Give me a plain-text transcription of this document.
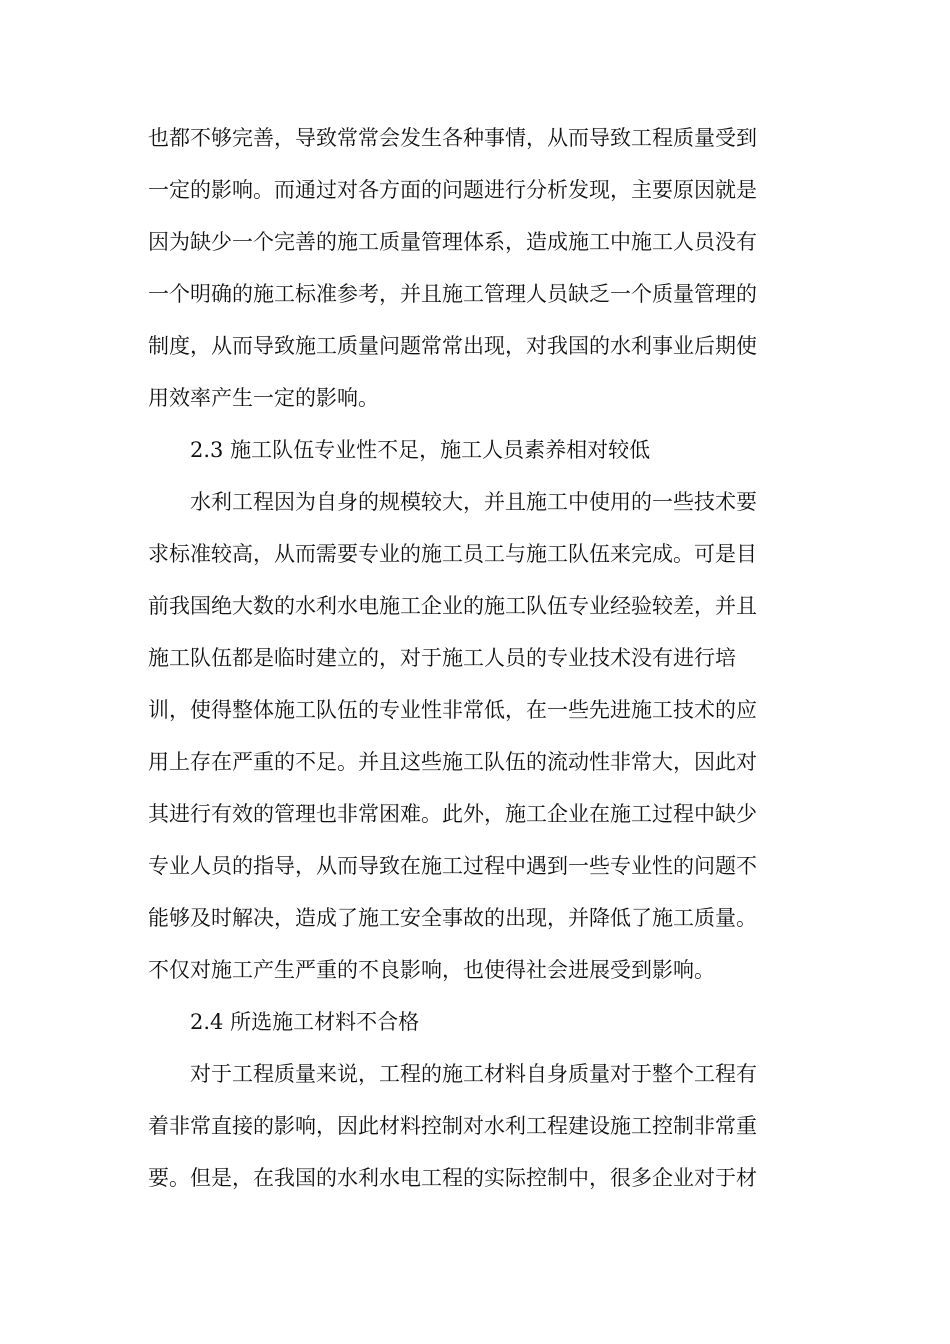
也都不够完善，导致常常会发生各种事情，从而导致工程质量受到
一定的影响。而通过对各方面的问题进行分析发现，主要原因就是
因为缺少一个完善的施工质量管理体系，造成施工中施工人员没有
一个明确的施工标准参考，并且施工管理人员缺乏一个质量管理的
制度，从而导致施工质量问题常常出现，对我国的水利事业后期使
用效率产生一定的影响。
2.3 施工队伍专业性不足，施工人员素养相对较低
水利工程因为自身的规模较大，并且施工中使用的一些技术要
求标准较高，从而需要专业的施工员工与施工队伍来完成。可是目
前我国绝大数的水利水电施工企业的施工队伍专业经验较差，并且
施工队伍都是临时建立的，对于施工人员的专业技术没有进行培
训，使得整体施工队伍的专业性非常低，在一些先进施工技术的应
用上存在严重的不足。并且这些施工队伍的流动性非常大，因此对
其进行有效的管理也非常困难。此外，施工企业在施工过程中缺少
专业人员的指导，从而导致在施工过程中遇到一些专业性的问题不
能够及时解决，造成了施工安全事故的出现，并降低了施工质量。
不仅对施工产生严重的不良影响，也使得社会进展受到影响。
2.4 所选施工材料不合格
对于工程质量来说，工程的施工材料自身质量对于整个工程有
着非常直接的影响，因此材料控制对水利工程建设施工控制非常重
要。但是，在我国的水利水电工程的实际控制中，很多企业对于材
